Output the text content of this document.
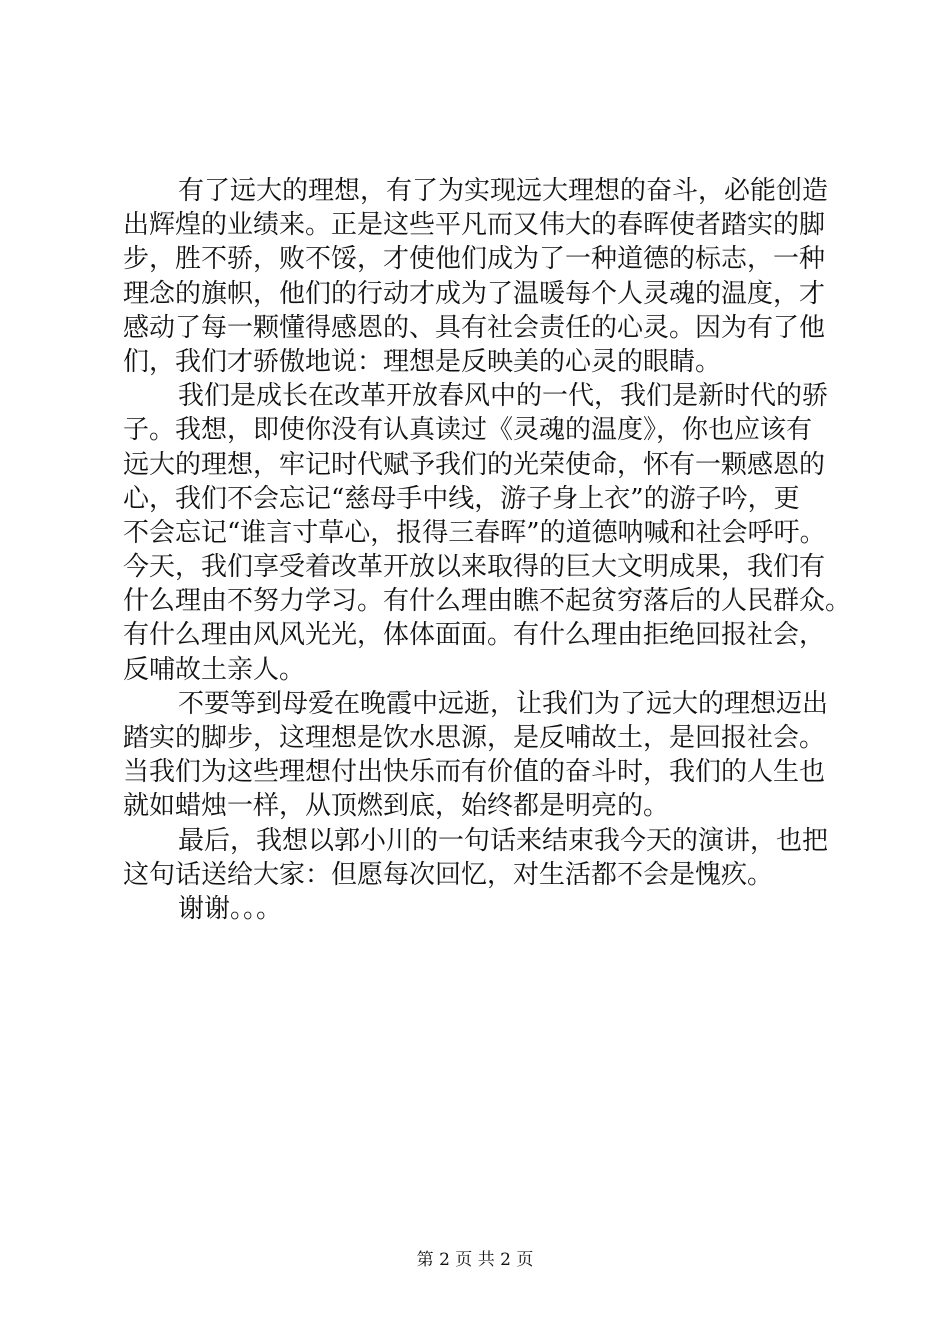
有了远大的理想，有了为实现远大理想的奋斗，必能创造
出辉煌的业绩来。正是这些平凡而又伟大的春晖使者踏实的脚
步，胜不骄，败不馁，才使他们成为了一种道德的标志，一种
理念的旗帜，他们的行动才成为了温暖每个人灵魂的温度，才
感动了每一颗懂得感恩的、具有社会责任的心灵。因为有了他
们，我们才骄傲地说：理想是反映美的心灵的眼睛。
我们是成长在改革开放春风中的一代，我们是新时代的骄
子。我想，即使你没有认真读过《灵魂的温度》，你也应该有
远大的理想，牢记时代赋予我们的光荣使命，怀有一颗感恩的
心，我们不会忘记“慈母手中线，游子身上衣”的游子吟，更
不会忘记“谁言寸草心，报得三春晖”的道德呐喊和社会呼吁。
今天，我们享受着改革开放以来取得的巨大文明成果，我们有
什么理由不努力学习。有什么理由瞧不起贫穷落后的人民群众。
有什么理由风风光光，体体面面。有什么理由拒绝回报社会，
反哺故土亲人。
不要等到母爱在晚霞中远逝，让我们为了远大的理想迈出
踏实的脚步，这理想是饮水思源，是反哺故土，是回报社会。
当我们为这些理想付出快乐而有价值的奋斗时，我们的人生也
就如蜡烛一样，从顶燃到底，始终都是明亮的。
最后，我想以郭小川的一句话来结束我今天的演讲，也把
这句话送给大家：但愿每次回忆，对生活都不会是愧疚。
谢谢。。。
第 2 页 共 2 页
